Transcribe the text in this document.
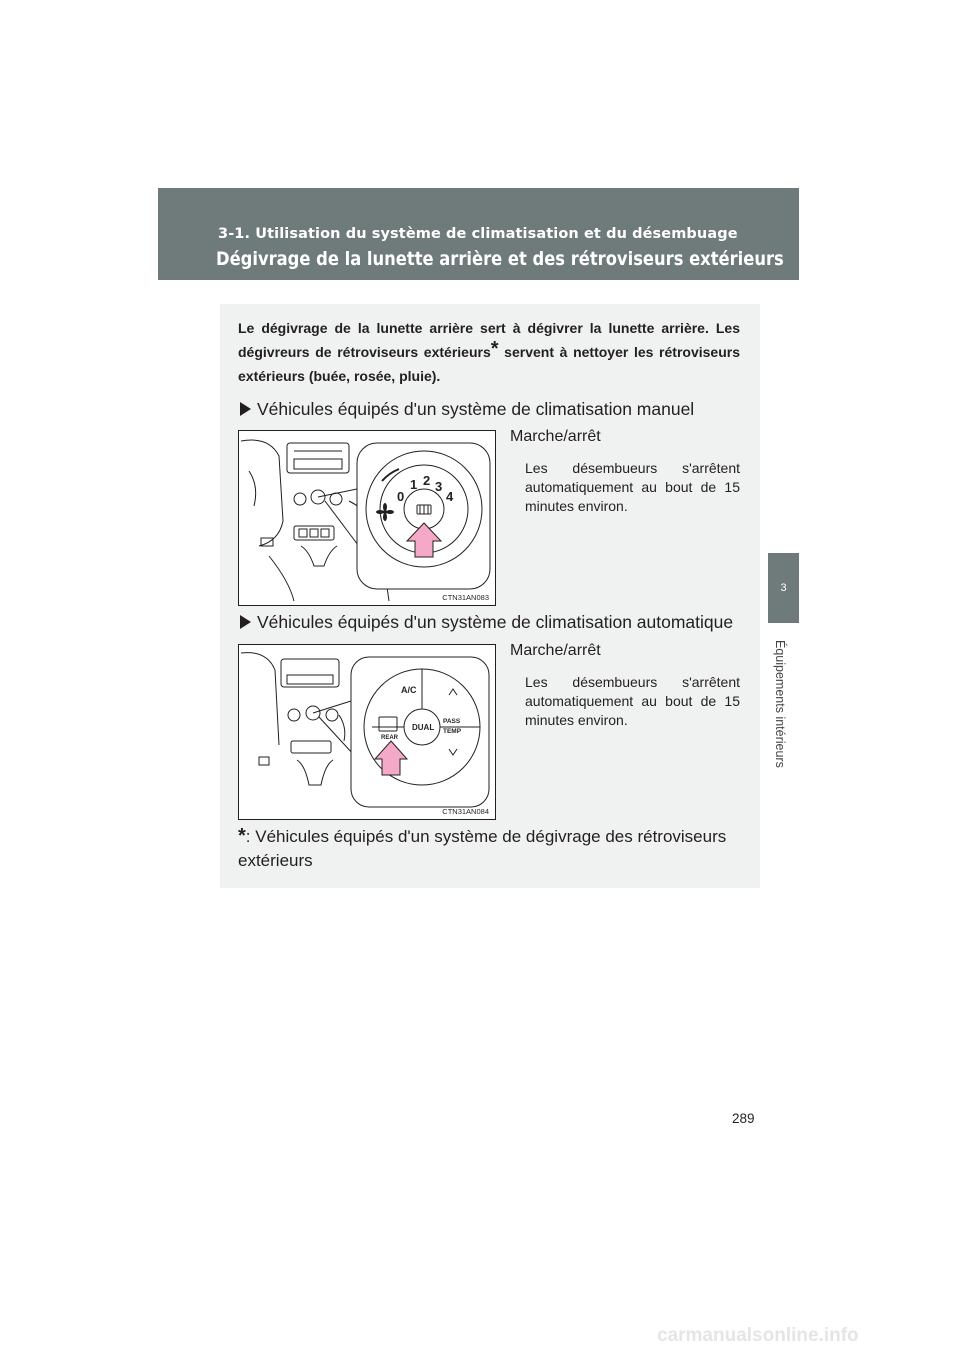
3-1. Utilisation du système de climatisation et du désembuage
Dégivrage de la lunette arrière et des rétroviseurs extérieurs
3
Équipements intérieurs
Le dégivrage de la lunette arrière sert à dégivrer la lunette arrière. Les dégivreurs de rétroviseurs extérieurs* servent à nettoyer les rétroviseurs extérieurs (buée, rosée, pluie).
Véhicules équipés d'un système de climatisation manuel
0
1 2 3
4
CTN31AN083
Marche/arrêt
Les désembueurs s'arrêtent automatiquement au bout de 15 minutes environ.
Véhicules équipés d'un système de climatisation automatique
A/C
REAR
DUAL
PASS
TEMP
CTN31AN084
Marche/arrêt
Les désembueurs s'arrêtent automatiquement au bout de 15 minutes environ.
*: Véhicules équipés d'un système de dégivrage des rétroviseurs extérieurs
289
carmanualsonline.info
